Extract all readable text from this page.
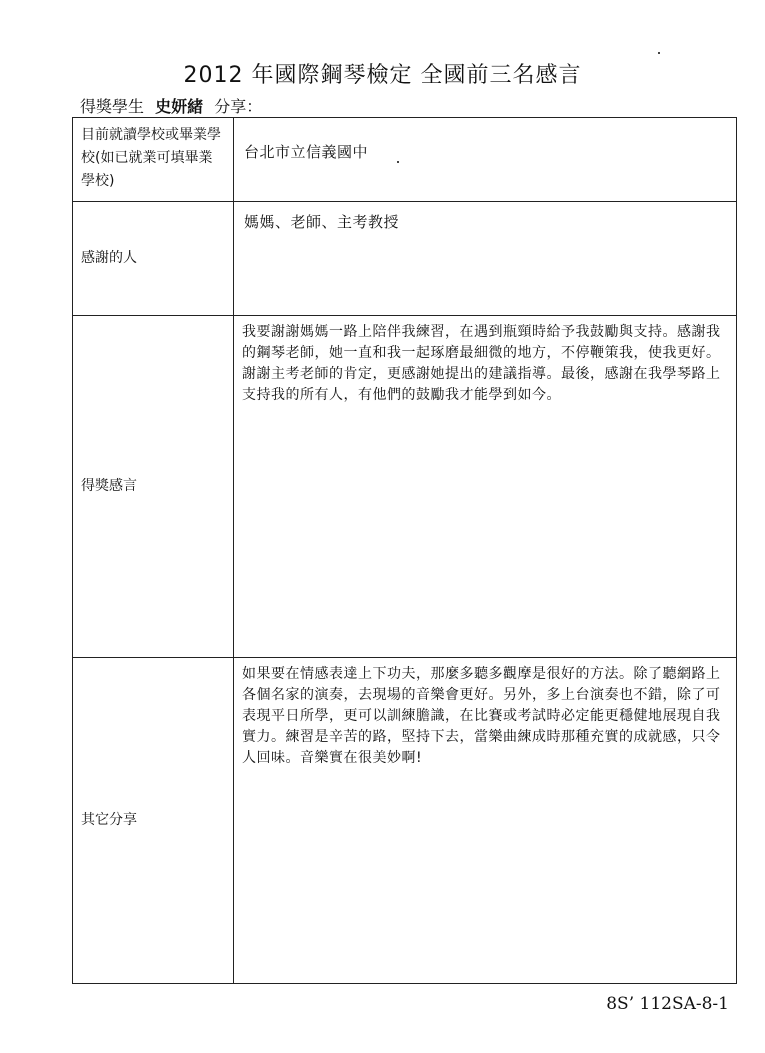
2012 年國際鋼琴檢定 全國前三名感言
得獎學生 史妍緒 分享：
目前就讀學校或畢業學校(如已就業可填畢業學校)	台北市立信義國中

感謝的人	媽媽、老師、主考教授

得獎感言	我要謝謝媽媽一路上陪伴我練習，在遇到瓶頸時給予我鼓勵與支持。感謝我的鋼琴老師，她一直和我一起琢磨最細微的地方，不停鞭策我，使我更好。謝謝主考老師的肯定，更感謝她提出的建議指導。最後，感謝在我學琴路上支持我的所有人，有他們的鼓勵我才能學到如今。

其它分享	如果要在情感表達上下功夫，那麼多聽多觀摩是很好的方法。除了聽網路上各個名家的演奏，去現場的音樂會更好。另外，多上台演奏也不錯，除了可表現平日所學，更可以訓練膽識，在比賽或考試時必定能更穩健地展現自我實力。練習是辛苦的路，堅持下去，當樂曲練成時那種充實的成就感，只令人回味。音樂實在很美妙啊!
8S’ 112SA-8-1
